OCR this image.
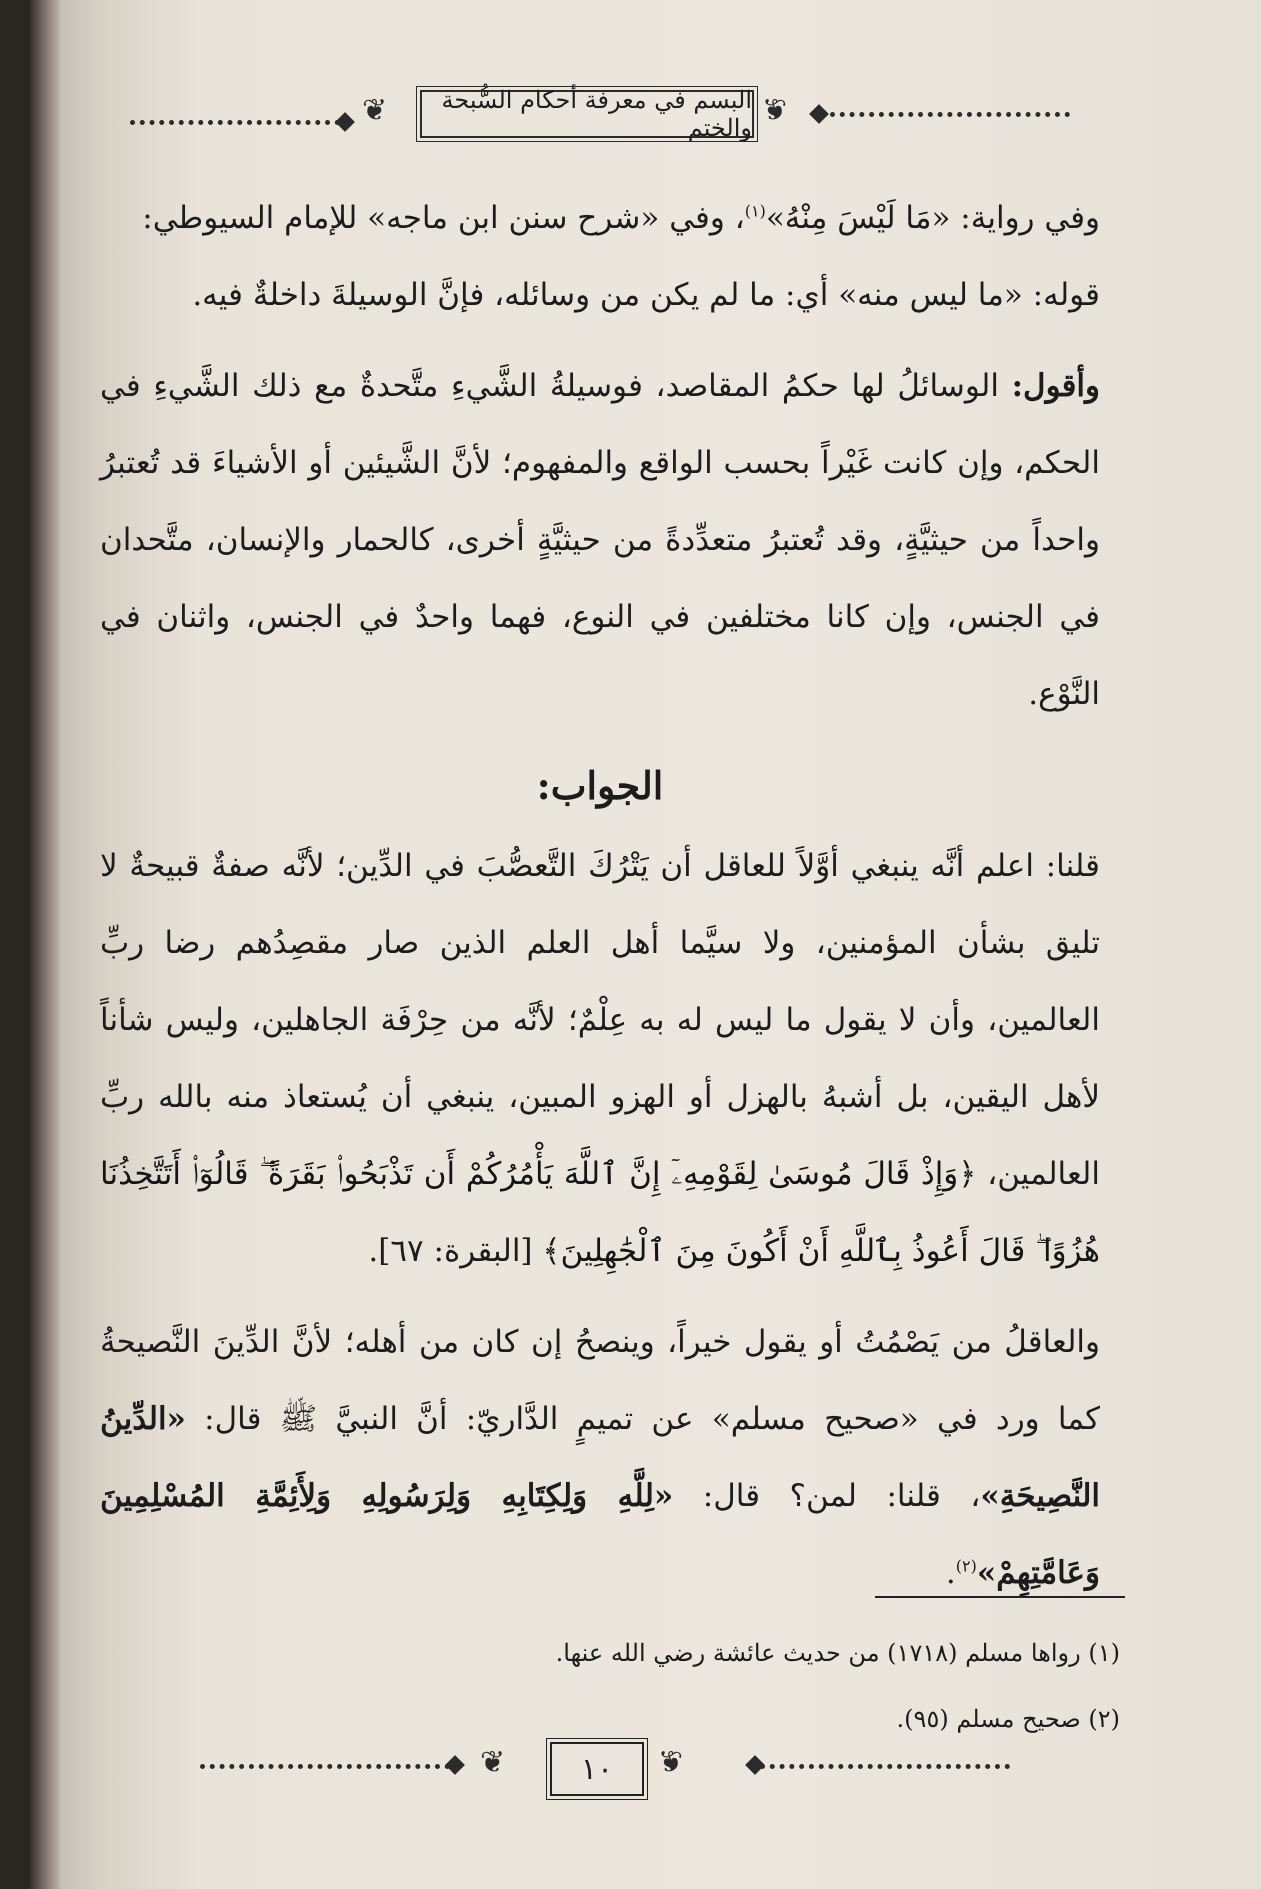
❦	البسم في معرفة أحكام السُّبحة والختم ❦

وفي رواية: «مَا لَيْسَ مِنْهُ»$^{(١)}$، وفي «شرح سنن ابن ماجه» للإمام السيوطي:

قوله: «ما ليس منه» أي: ما لم يكن من وسائله، فإنَّ الوسيلةَ داخلةٌ فيه.

وأقول: الوسائلُ لها حكمُ المقاصد، فوسيلةُ الشَّيءِ متَّحدةٌ مع ذلك الشَّيءِ في الحكم، وإن كانت غَيْراً بحسب الواقع والمفهوم؛ لأنَّ الشَّيئين أو الأشياءَ قد تُعتبرُ واحداً من حيثيَّةٍ، وقد تُعتبرُ متعدِّدةً من حيثيَّةٍ أخرى، كالحمار والإنسان، متَّحدان في الجنس، وإن كانا مختلفين في النوع، فهما واحدٌ في الجنس، واثنان في النَّوْع.

الجواب:

قلنا: اعلم أنَّه ينبغي أوَّلاً للعاقل أن يَتْرُكَ التَّعصُّبَ في الدِّين؛ لأنَّه صفةٌ قبيحةٌ لا تليق بشأن المؤمنين، ولا سيَّما أهل العلم الذين صار مقصِدُهم رضا ربِّ العالمين، وأن لا يقول ما ليس له به عِلْمٌ؛ لأنَّه من حِرْفَة الجاهلين، وليس شأناً لأهل اليقين، بل أشبهُ بالهزل أو الهزو المبين، ينبغي أن يُستعاذ منه بالله ربِّ العالمين، ﴿وَإِذْ قَالَ مُوسَىٰ لِقَوْمِهِۦٓ إِنَّ ٱللَّهَ يَأْمُرُكُمْ أَن تَذْبَحُوا۟ بَقَرَةً ۖ قَالُوٓا۟ أَتَتَّخِذُنَا هُزُوًا ۖ قَالَ أَعُوذُ بِٱللَّهِ أَنْ أَكُونَ مِنَ ٱلْجَٰهِلِينَ﴾ [البقرة: ٦٧].

والعاقلُ من يَصْمُتُ أو يقول خيراً، وينصحُ إن كان من أهله؛ لأنَّ الدِّينَ النَّصيحةُ كما ورد في «صحيح مسلم» عن تميمٍ الدَّاريّ: أنَّ النبيَّ ﷺ قال: «الدِّينُ النَّصِيحَةِ»، قلنا: لمن؟ قال: «لِلَّهِ وَلِكِتَابِهِ وَلِرَسُولِهِ وَلِأَئِمَّةِ المُسْلِمِينَ وَعَامَّتِهِمْ»$^{(٢)}$.

(١) رواها مسلم (١٧١٨) من حديث عائشة رضي الله عنها.
(٢) صحيح مسلم (٩٥).
❦	١٠	❦
